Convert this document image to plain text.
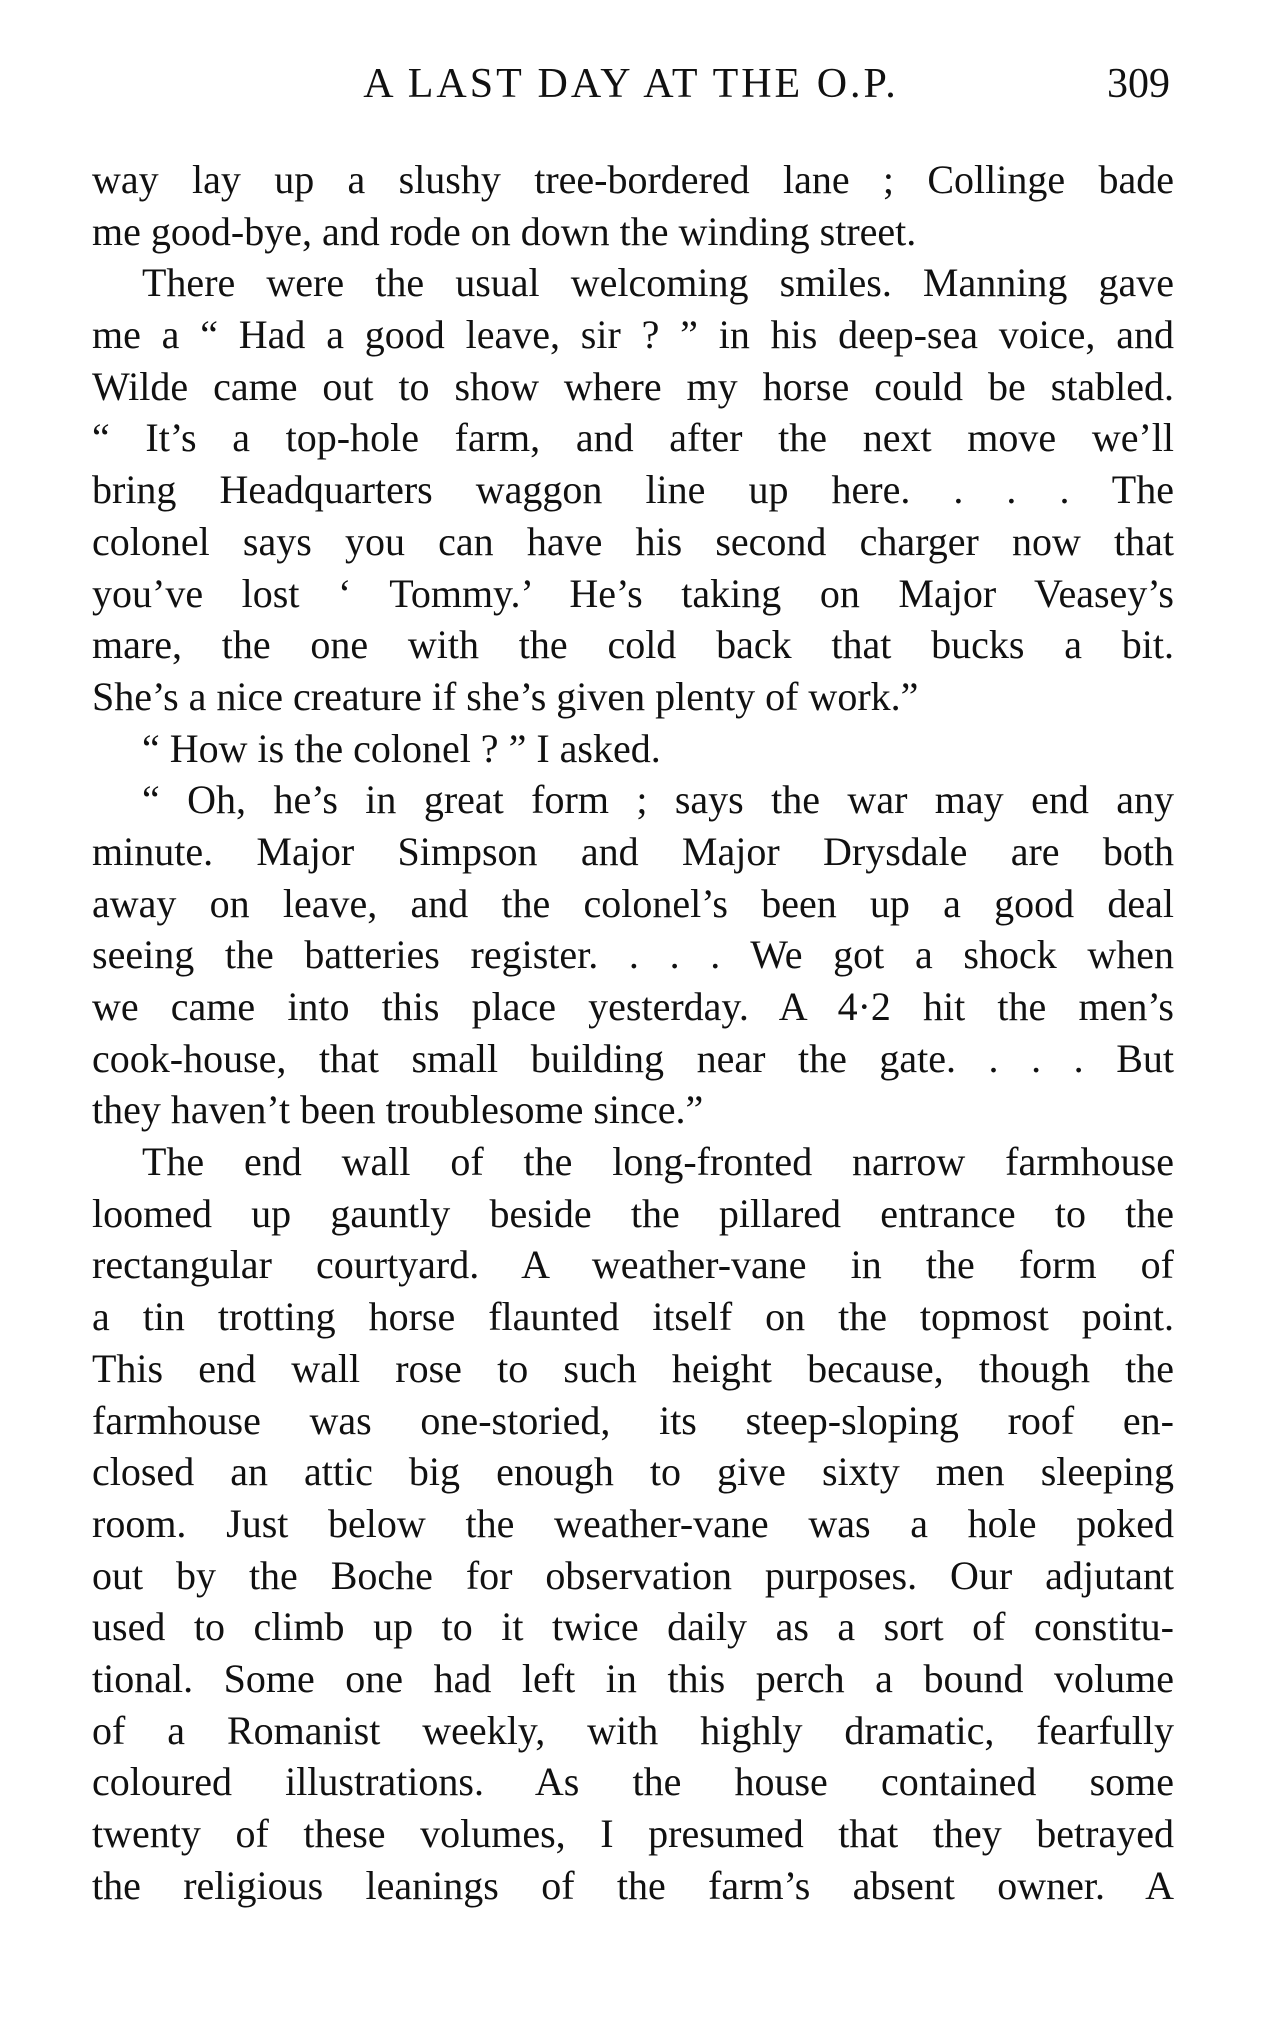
A LAST DAY AT THE O.P.	309
way lay up a slushy tree-bordered lane ; Collinge bade
me good-bye, and rode on down the winding street.
There were the usual welcoming smiles. Manning gave
me a “ Had a good leave, sir ? ” in his deep-sea voice, and
Wilde came out to show where my horse could be stabled.
“ It’s a top-hole farm, and after the next move we’ll
bring Headquarters waggon line up here. . . . The
colonel says you can have his second charger now that
you’ve lost ‘ Tommy.’ He’s taking on Major Veasey’s
mare, the one with the cold back that bucks a bit.
She’s a nice creature if she’s given plenty of work.”
“ How is the colonel ? ” I asked.
“ Oh, he’s in great form ; says the war may end any
minute. Major Simpson and Major Drysdale are both
away on leave, and the colonel’s been up a good deal
seeing the batteries register. . . . We got a shock when
we came into this place yesterday. A 4·2 hit the men’s
cook-house, that small building near the gate. . . . But
they haven’t been troublesome since.”
The end wall of the long-fronted narrow farmhouse
loomed up gauntly beside the pillared entrance to the
rectangular courtyard. A weather-vane in the form of
a tin trotting horse flaunted itself on the topmost point.
This end wall rose to such height because, though the
farmhouse was one-storied, its steep-sloping roof en-
closed an attic big enough to give sixty men sleeping
room. Just below the weather-vane was a hole poked
out by the Boche for observation purposes. Our adjutant
used to climb up to it twice daily as a sort of constitu-
tional. Some one had left in this perch a bound volume
of a Romanist weekly, with highly dramatic, fearfully
coloured illustrations. As the house contained some
twenty of these volumes, I presumed that they betrayed
the religious leanings of the farm’s absent owner. A
